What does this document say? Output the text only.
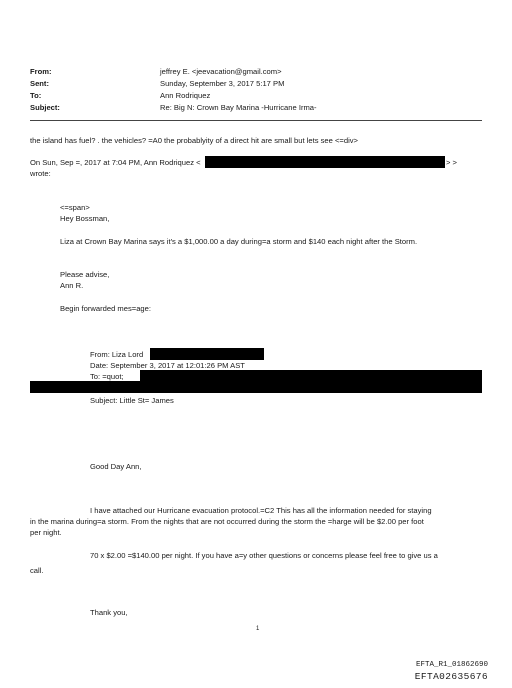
From:
Sent:
To:
Subject:
jeffrey E. <jeevacation@gmail.com>
Sunday, September 3, 2017 5:17 PM
Ann Rodriquez
Re: Big N: Crown Bay Marina -Hurricane Irma-
the island has fuel? . the vehicles? =A0 the probablyity of a direct hit are small but lets see <=div>
On Sun, Sep =, 2017 at 7:04 PM, Ann Rodriquez <	> >
wrote:
<=span>
Hey Bossman,
Liza at Crown Bay Marina says it's a $1,000.00 a day during=a storm and $140 each night after the Storm.
Please advise,
Ann R.
Begin forwarded mes=age:
From: Liza Lord
Date: September 3, 2017 at 12:01:26 PM AST
To: =quot;
Subject: Little St= James
Good Day Ann,
I have attached our Hurricane evacuation protocol.=C2 This has all the information needed for staying
in the marina during=a storm. From the nights that are not occurred during the storm the =harge will be $2.00 per foot
per night.
70 x $2.00 =$140.00 per night. If you have a=y other questions or concerns please feel free to give us a
call.
Thank you,
1
EFTA_R1_01862690
EFTA02635676
